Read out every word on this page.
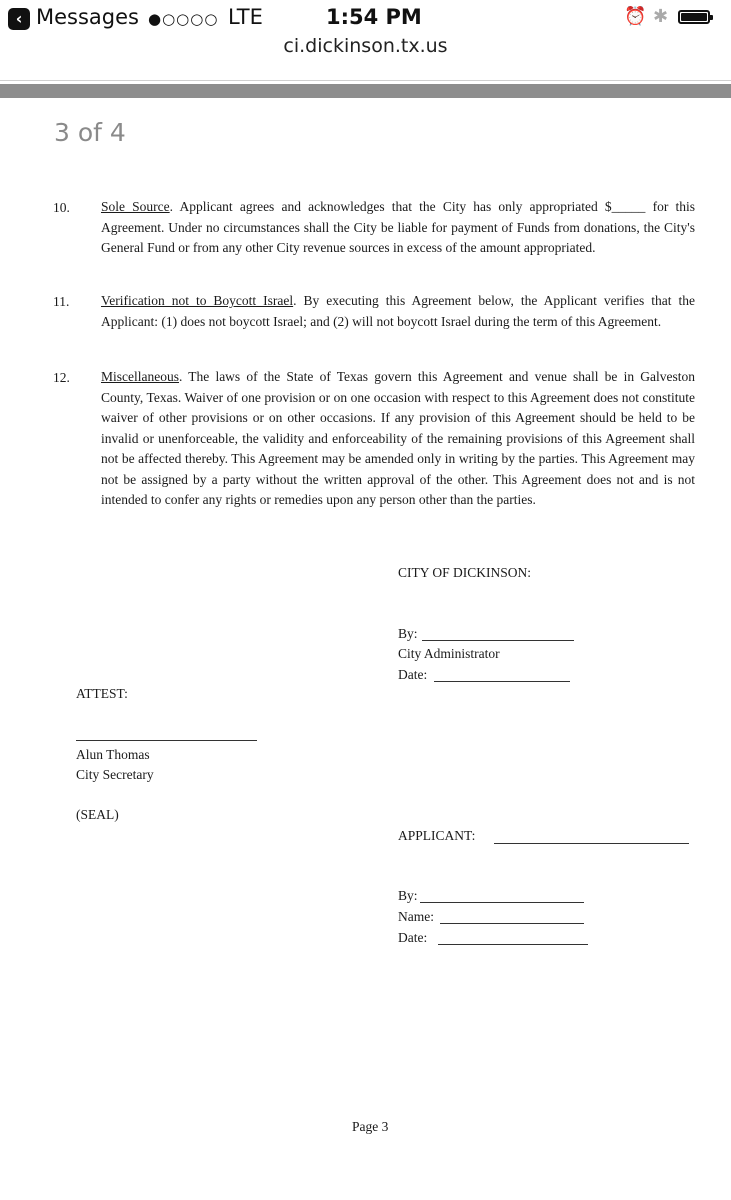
‹ Messages ●○○○○ LTE	1:54 PM	⏰ ✱
ci.dickinson.tx.us
3 of 4
10. Sole Source. Applicant agrees and acknowledges that the City has only appropriated $_____ for this Agreement. Under no circumstances shall the City be liable for payment of Funds from donations, the City's General Fund or from any other City revenue sources in excess of the amount appropriated.
11. Verification not to Boycott Israel. By executing this Agreement below, the Applicant verifies that the Applicant: (1) does not boycott Israel; and (2) will not boycott Israel during the term of this Agreement.
12. Miscellaneous. The laws of the State of Texas govern this Agreement and venue shall be in Galveston County, Texas. Waiver of one provision or on one occasion with respect to this Agreement does not constitute waiver of other provisions or on other occasions. If any provision of this Agreement should be held to be invalid or unenforceable, the validity and enforceability of the remaining provisions of this Agreement shall not be affected thereby. This Agreement may be amended only in writing by the parties. This Agreement may not be assigned by a party without the written approval of the other. This Agreement does not and is not intended to confer any rights or remedies upon any person other than the parties.
CITY OF DICKINSON:
By:
City Administrator
Date:
ATTEST:
Alun Thomas
City Secretary
(SEAL)
APPLICANT:
By:
Name:
Date:
Page 3
